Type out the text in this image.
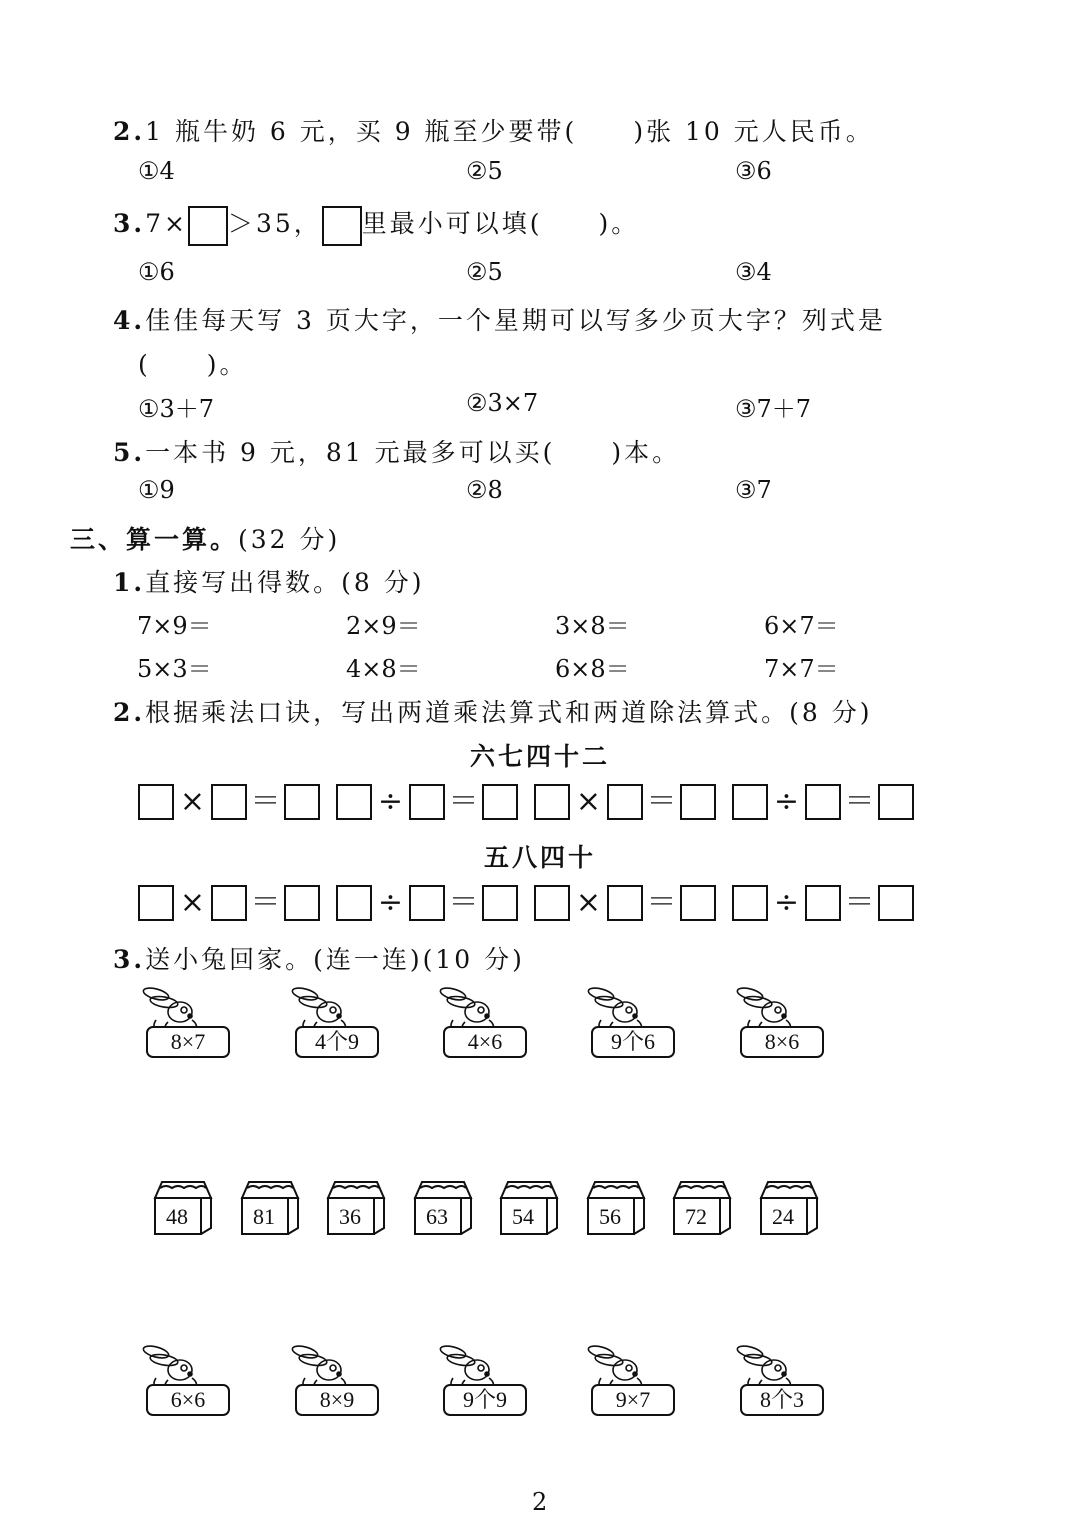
2.1 瓶牛奶 6 元，买 9 瓶至少要带(　　)张 10 元人民币。
①4	②5	③6
3.7× ＞35， 里最小可以填(　　)。
①6	②5	③4
4.佳佳每天写 3 页大字，一个星期可以写多少页大字？列式是
(　　)。
①3＋7	②3×7	③7＋7
5.一本书 9 元，81 元最多可以买(　　)本。
①9	②8	③7
三、算一算。(32 分)
1.直接写出得数。(8 分)
7×9＝	2×9＝	3×8＝	6×7＝
5×3＝	4×8＝	6×8＝	7×7＝
2.根据乘法口诀，写出两道乘法算式和两道除法算式。(8 分)
六七四十二
× ＝	÷ ＝	× ＝	÷ ＝
五八四十
× ＝	÷ ＝	× ＝	÷ ＝
3.送小兔回家。(连一连)(10 分)
8×7	4个9	4×6	9个6	8×6
48	81	36	63	54	56	72	24
6×6	8×9	9个9	9×7	8个3
2
